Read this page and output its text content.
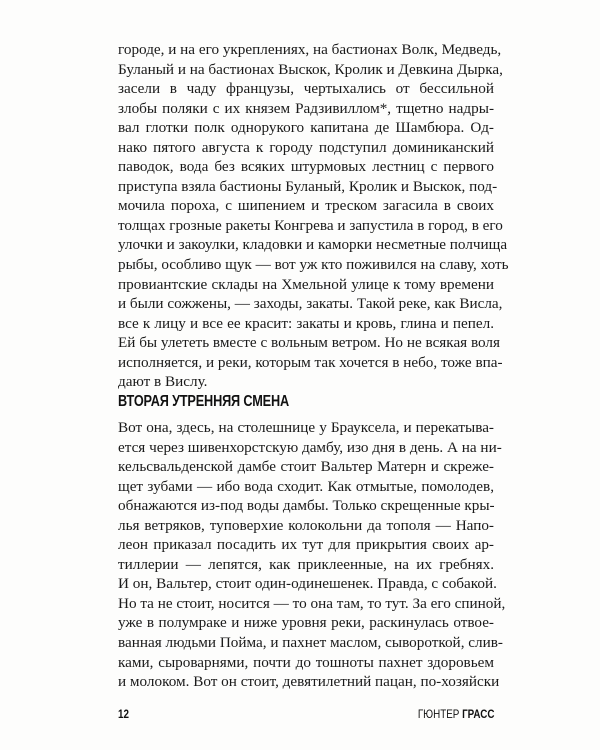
городе, и на его укреплениях, на бастионах Волк, Медведь,
Буланый и на бастионах Выскок, Кролик и Девкина Дырка,
засели в чаду французы, чертыхались от бессильной
злобы поляки с их князем Радзивиллом*, тщетно надры-
вал глотки полк однорукого капитана де Шамбюра. Од-
нако пятого августа к городу подступил доминиканский
паводок, вода без всяких штурмовых лестниц с первого
приступа взяла бастионы Буланый, Кролик и Выскок, под-
мочила пороха, с шипением и треском загасила в своих
толщах грозные ракеты Конгрева и запустила в город, в его
улочки и закоулки, кладовки и каморки несметные полчища
рыбы, особливо щук — вот уж кто поживился на славу, хоть
провиантские склады на Хмельной улице к тому времени
и были сожжены, — заходы, закаты. Такой реке, как Висла,
все к лицу и все ее красит: закаты и кровь, глина и пепел.
Ей бы улететь вместе с вольным ветром. Но не всякая воля
исполняется, и реки, которым так хочется в небо, тоже впа-
дают в Вислу.
ВТОРАЯ УТРЕННЯЯ СМЕНА
Вот она, здесь, на столешнице у Брауксела, и перекатыва-
ется через шивенхорстскую дамбу, изо дня в день. А на ни-
кельсвальденской дамбе стоит Вальтер Матерн и скреже-
щет зубами — ибо вода сходит. Как отмытые, помолодев,
обнажаются из-под воды дамбы. Только скрещенные кры-
лья ветряков, туповерхие колокольни да тополя — Напо-
леон приказал посадить их тут для прикрытия своих ар-
тиллерии — лепятся, как приклеенные, на их гребнях.
И он, Вальтер, стоит один-одинешенек. Правда, с собакой.
Но та не стоит, носится — то она там, то тут. За его спиной,
уже в полумраке и ниже уровня реки, раскинулась отвое-
ванная людьми Пойма, и пахнет маслом, сывороткой, слив-
ками, сыроварнями, почти до тошноты пахнет здоровьем
и молоком. Вот он стоит, девятилетний пацан, по-хозяйски
12	ГЮНТЕР ГРАСС
